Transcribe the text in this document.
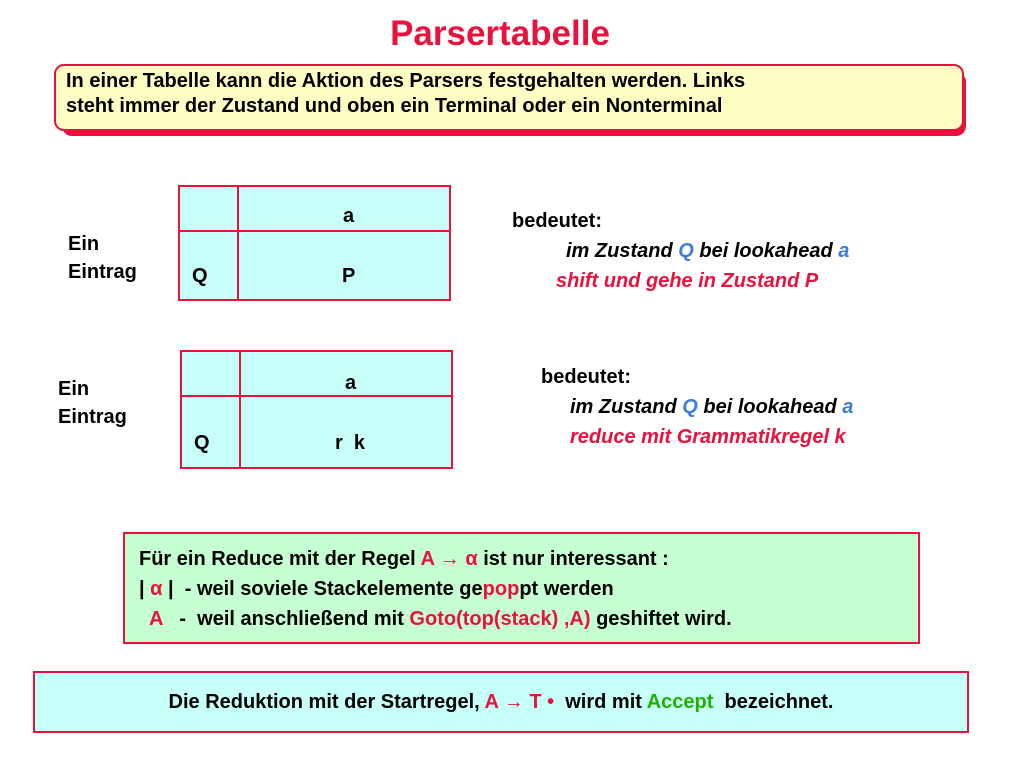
Parsertabelle
In einer Tabelle kann die Aktion des Parsers festgehalten werden. Links
steht immer der Zustand und oben ein Terminal oder ein Nonterminal
Ein
Eintrag
a
Q	P
bedeutet:
im Zustand Q bei lookahead a
shift und gehe in Zustand P
Ein
Eintrag
a
Q	r  k
bedeutet:
im Zustand Q bei lookahead a
reduce mit Grammatikregel k
Für ein Reduce mit der Regel A → α ist nur interessant :
| α |  - weil soviele Stackelemente gepoppt werden
A   -  weil anschließend mit Goto(top(stack) ,A) geshiftet wird.
Die Reduktion mit der Startregel, A → T •  wird mit Accept  bezeichnet.
